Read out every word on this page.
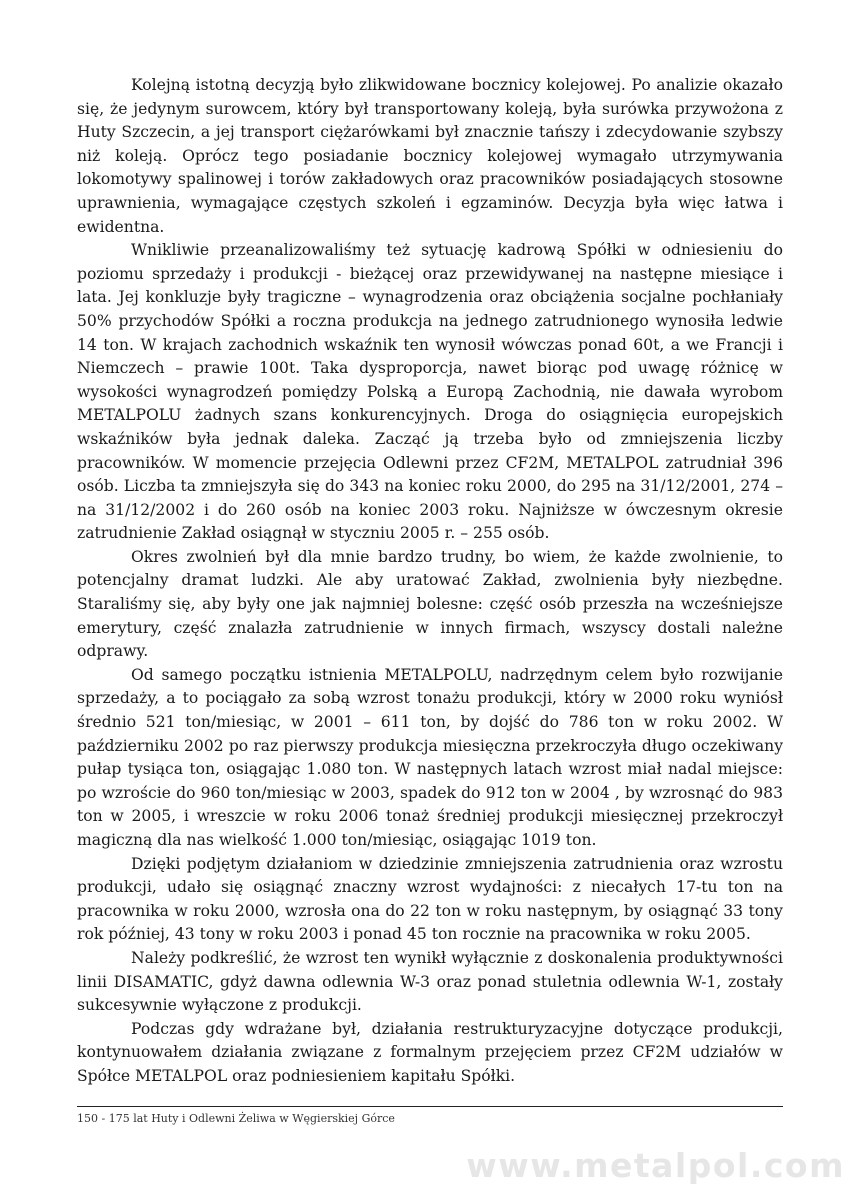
Kolejną istotną decyzją było zlikwidowane bocznicy kolejowej. Po analizie okazało się, że jedynym surowcem, który był transportowany koleją, była surówka przywożona z Huty Szczecin, a jej transport ciężarówkami był znacznie tańszy i zdecydowanie szybszy niż koleją. Oprócz tego posiadanie bocznicy kolejowej wymagało utrzymywania lokomotywy spalinowej i torów zakładowych oraz pracowników posiadających stosowne uprawnienia, wymagające częstych szkoleń i egzaminów. Decyzja była więc łatwa i ewidentna.

Wnikliwie przeanalizowaliśmy też sytuację kadrową Spółki w odniesieniu do poziomu sprzedaży i produkcji - bieżącej oraz przewidywanej na następne miesiące i lata. Jej konkluzje były tragiczne – wynagrodzenia oraz obciążenia socjalne pochłaniały 50% przychodów Spółki a roczna produkcja na jednego zatrudnionego wynosiła ledwie 14 ton. W krajach zachodnich wskaźnik ten wynosił wówczas ponad 60t, a we Francji i Niemczech – prawie 100t. Taka dysproporcja, nawet biorąc pod uwagę różnicę w wysokości wynagrodzeń pomiędzy Polską a Europą Zachodnią, nie dawała wyrobom METALPOLU żadnych szans konkurencyjnych. Droga do osiągnięcia europejskich wskaźników była jednak daleka. Zacząć ją trzeba było od zmniejszenia liczby pracowników. W momencie przejęcia Odlewni przez CF2M, METALPOL zatrudniał 396 osób. Liczba ta zmniejszyła się do 343 na koniec roku 2000, do 295 na 31/12/2001, 274 – na 31/12/2002 i do 260 osób na koniec 2003 roku. Najniższe w ówczesnym okresie zatrudnienie Zakład osiągnął w styczniu 2005 r. – 255 osób.

Okres zwolnień był dla mnie bardzo trudny, bo wiem, że każde zwolnienie, to potencjalny dramat ludzki. Ale aby uratować Zakład, zwolnienia były niezbędne. Staraliśmy się, aby były one jak najmniej bolesne: część osób przeszła na wcześniejsze emerytury, część znalazła zatrudnienie w innych firmach, wszyscy dostali należne odprawy.

Od samego początku istnienia METALPOLU, nadrzędnym celem było rozwijanie sprzedaży, a to pociągało za sobą wzrost tonażu produkcji, który w 2000 roku wyniósł średnio 521 ton/miesiąc, w 2001 – 611 ton, by dojść do 786 ton w roku 2002. W październiku 2002 po raz pierwszy produkcja miesięczna przekroczyła długo oczekiwany pułap tysiąca ton, osiągając 1.080 ton. W następnych latach wzrost miał nadal miejsce: po wzroście do 960 ton/miesiąc w 2003, spadek do 912 ton w 2004 , by wzrosnąć do 983 ton w 2005, i wreszcie w roku 2006 tonaż średniej produkcji miesięcznej przekroczył magiczną dla nas wielkość 1.000 ton/miesiąc, osiągając 1019 ton.

Dzięki podjętym działaniom w dziedzinie zmniejszenia zatrudnienia oraz wzrostu produkcji, udało się osiągnąć znaczny wzrost wydajności: z niecałych 17-tu ton na pracownika w roku 2000, wzrosła ona do 22 ton w roku następnym, by osiągnąć 33 tony rok później, 43 tony w roku 2003 i ponad 45 ton rocznie na pracownika w roku 2005.

Należy podkreślić, że wzrost ten wynikł wyłącznie z doskonalenia produktywności linii DISAMATIC, gdyż dawna odlewnia W-3 oraz ponad stuletnia odlewnia W-1, zostały sukcesywnie wyłączone z produkcji.

Podczas gdy wdrażane był, działania restrukturyzacyjne dotyczące produkcji, kontynuowałem działania związane z formalnym przejęciem przez CF2M udziałów w Spółce METALPOL oraz podniesieniem kapitału Spółki.

150 - 175 lat Huty i Odlewni Żeliwa w Węgierskiej Górce
www.metalpol.com
